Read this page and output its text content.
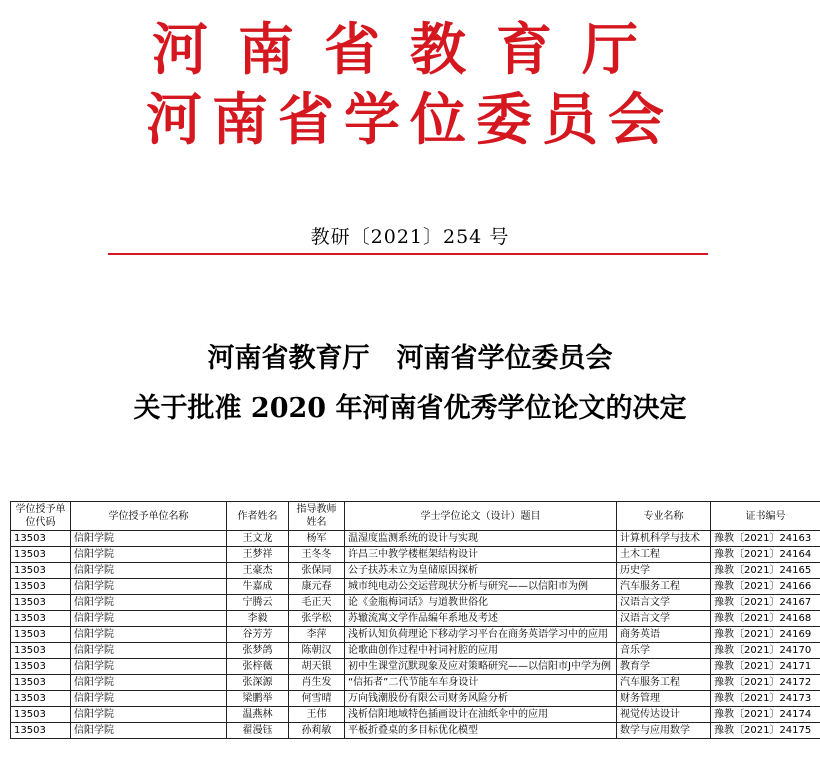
河南省教育厅
河南省学位委员会
教研〔2021〕254 号
河南省教育厅　河南省学位委员会
关于批准 2020 年河南省优秀学位论文的决定
学位授予单位代码	学位授予单位名称	作者姓名	指导教师姓名	学士学位论文（设计）题目	专业名称	证书编号
13503	信阳学院	王文龙	杨军	温湿度监测系统的设计与实现	计算机科学与技术	豫教〔2021〕24163
13503	信阳学院	王梦祥	王冬冬	许昌三中教学楼框架结构设计	土木工程	豫教〔2021〕24164
13503	信阳学院	王豪杰	张保同	公子扶苏未立为皇储原因探析	历史学	豫教〔2021〕24165
13503	信阳学院	牛嘉成	康元春	城市纯电动公交运营现状分析与研究——以信阳市为例	汽车服务工程	豫教〔2021〕24166
13503	信阳学院	宁腾云	毛正天	论《金瓶梅词话》与道教世俗化	汉语言文学	豫教〔2021〕24167
13503	信阳学院	李毅	张学松	苏辙流寓文学作品编年系地及考述	汉语言文学	豫教〔2021〕24168
13503	信阳学院	谷芳芳	李萍	浅析认知负荷理论下移动学习平台在商务英语学习中的应用	商务英语	豫教〔2021〕24169
13503	信阳学院	张梦鸽	陈朝汉	论歌曲创作过程中衬词衬腔的应用	音乐学	豫教〔2021〕24170
13503	信阳学院	张梓薇	胡天银	初中生课堂沉默现象及应对策略研究——以信阳市J中学为例	教育学	豫教〔2021〕24171
13503	信阳学院	张深源	肖生发	“信拓者”二代节能车车身设计	汽车服务工程	豫教〔2021〕24172
13503	信阳学院	梁鹏举	何雪晴	万向钱潮股份有限公司财务风险分析	财务管理	豫教〔2021〕24173
13503	信阳学院	温燕林	王伟	浅析信阳地域特色插画设计在油纸伞中的应用	视觉传达设计	豫教〔2021〕24174
13503	信阳学院	翟漫钰	孙莉敏	平板折叠桌的多目标优化模型	数学与应用数学	豫教〔2021〕24175
